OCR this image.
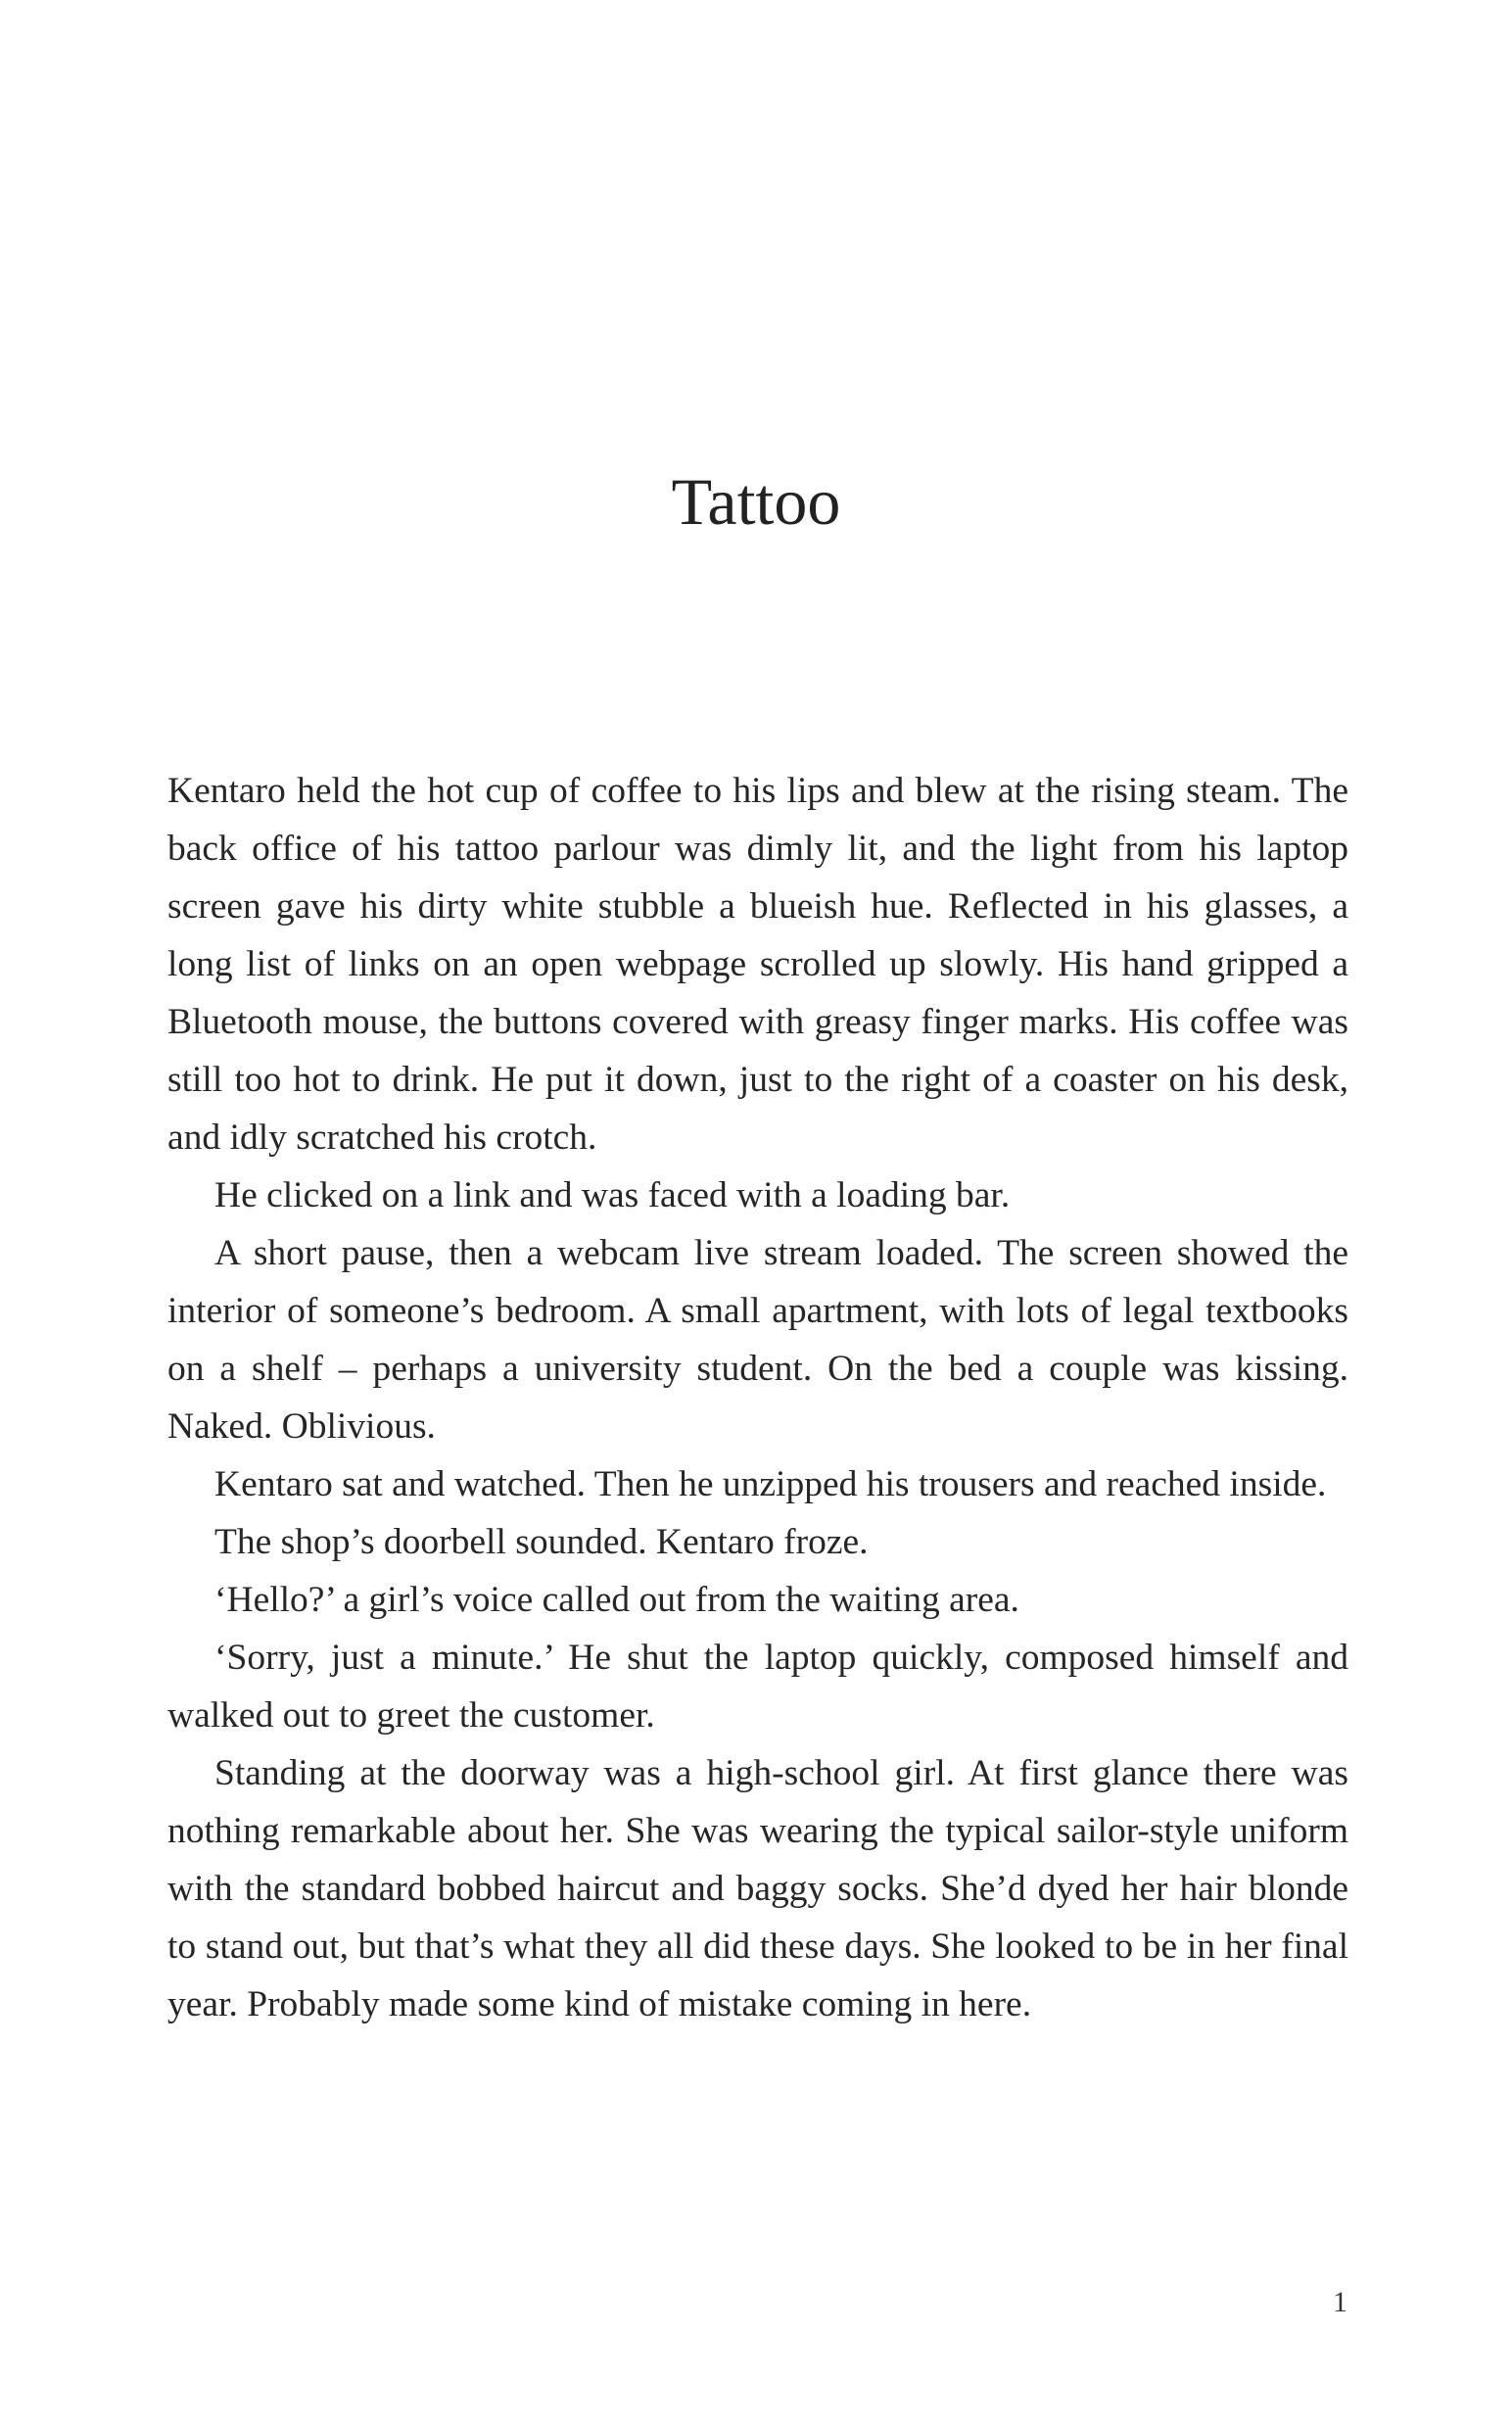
Tattoo

Kentaro held the hot cup of coffee to his lips and blew at the rising steam. The back office of his tattoo parlour was dimly lit, and the light from his laptop screen gave his dirty white stubble a blueish hue. Reflected in his glasses, a long list of links on an open webpage scrolled up slowly. His hand gripped a Bluetooth mouse, the buttons covered with greasy finger marks. His coffee was still too hot to drink. He put it down, just to the right of a coaster on his desk, and idly scratched his crotch.

He clicked on a link and was faced with a loading bar.

A short pause, then a webcam live stream loaded. The screen showed the interior of someone’s bedroom. A small apartment, with lots of legal textbooks on a shelf – perhaps a university student. On the bed a couple was kissing. Naked. Oblivious.

Kentaro sat and watched. Then he unzipped his trousers and reached inside.

The shop’s doorbell sounded. Kentaro froze.

‘Hello?’ a girl’s voice called out from the waiting area.

‘Sorry, just a minute.’ He shut the laptop quickly, composed himself and walked out to greet the customer.

Standing at the doorway was a high-school girl. At first glance there was nothing remarkable about her. She was wearing the typical sailor-style uniform with the standard bobbed haircut and baggy socks. She’d dyed her hair blonde to stand out, but that’s what they all did these days. She looked to be in her final year. Probably made some kind of mistake coming in here.

1
